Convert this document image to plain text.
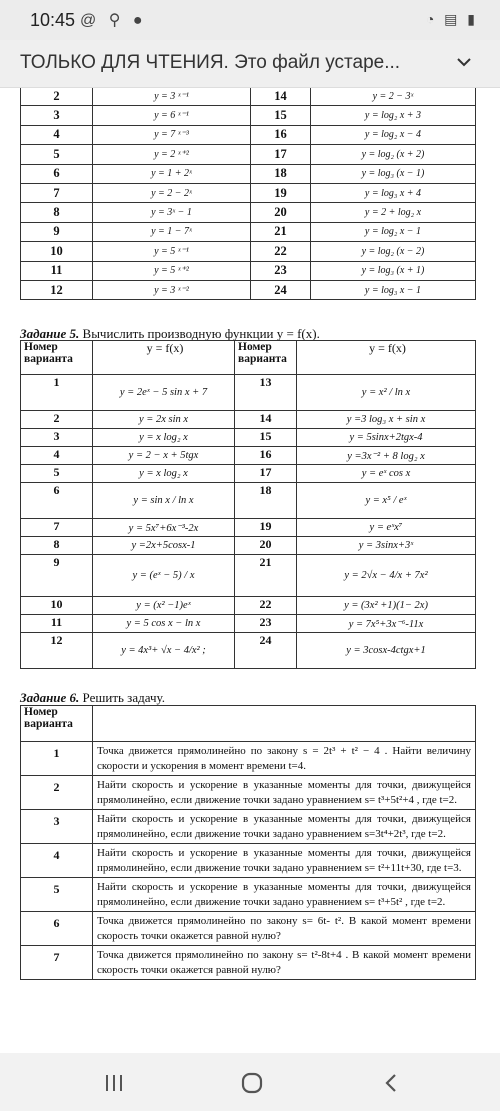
10:45 @ ⚲ ●	◔ ▤ ▮
ТОЛЬКО ДЛЯ ЧТЕНИЯ. Это файл устаре...
2	y = 3 ˣ⁻¹	14	y = 2 − 3ˣ
3	y = 6 ˣ⁻¹	15	y = log₂ x + 3
4	y = 7 ˣ⁻³	16	y = log₂ x − 4
5	y = 2 ˣ⁺²	17	y = log₂ (x + 2)
6	y = 1 + 2ˣ	18	y = log₃ (x − 1)
7	y = 2 − 2ˣ	19	y = log₃ x + 4
8	y = 3ˣ − 1	20	y = 2 + log₂ x
9	y = 1 − 7ˣ	21	y = log₂ x − 1
10	y = 5 ˣ⁻¹	22	y = log₂ (x − 2)
11	y = 5 ˣ⁺²	23	y = log₃ (x + 1)
12	y = 3 ˣ⁻²	24	y = log₃ x − 1
Задание 5. Вычислить производную функции y = f(x).
Номер варианта	y = f(x)	Номер варианта	y = f(x)
1	y = 2eˣ − 5 sin x + 7	13	y = x² / ln x
2	y = 2x sin x	14	y =3 log₃ x + sin x
3	y = x log₂ x	15	y = 5sinx+2tgx-4
4	y = 2 − x + 5tgx	16	y =3x⁻² + 8 log₂ x
5	y = x log₂ x	17	y = eˣ cos x
6	y = sin x / ln x	18	y = x⁵ / eˣ
7	y = 5x⁷+6x⁻³-2x	19	y = eˣx⁷
8	y =2x+5cosx-1	20	y = 3sinx+3ˣ
9	y = (eˣ − 5) / x	21	y = 2√x − 4/x + 7x²
10	y = (x² −1)eˣ	22	y = (3x² +1)(1− 2x)
11	y = 5 cos x − ln x	23	y = 7x⁵+3x⁻⁶-11x
12	y = 4x³+ √x − 4/x² ;	24	y = 3cosx-4ctgx+1
Задание 6. Решить задачу.
Номер варианта	
1	Точка движется прямолинейно по закону s = 2t³ + t² − 4 . Найти величину скорости и ускорения в момент времени t=4.
2	Найти скорость и ускорение в указанные моменты для точки, движущейся прямолинейно, если движение точки задано уравнением s= t³+5t²+4 , где t=2.
3	Найти скорость и ускорение в указанные моменты для точки, движущейся прямолинейно, если движение точки задано уравнением s=3t⁴+2t³, где t=2.
4	Найти скорость и ускорение в указанные моменты для точки, движущейся прямолинейно, если движение точки задано уравнением s= t²+11t+30, где t=3.
5	Найти скорость и ускорение в указанные моменты для точки, движущейся прямолинейно, если движение точки задано уравнением s= t³+5t² , где t=2.
6	Точка движется прямолинейно по закону s= 6t- t². В какой момент времени скорость точки окажется равной нулю?
7	Точка движется прямолинейно по закону s= t²-8t+4 . В какой момент времени скорость точки окажется равной нулю?
